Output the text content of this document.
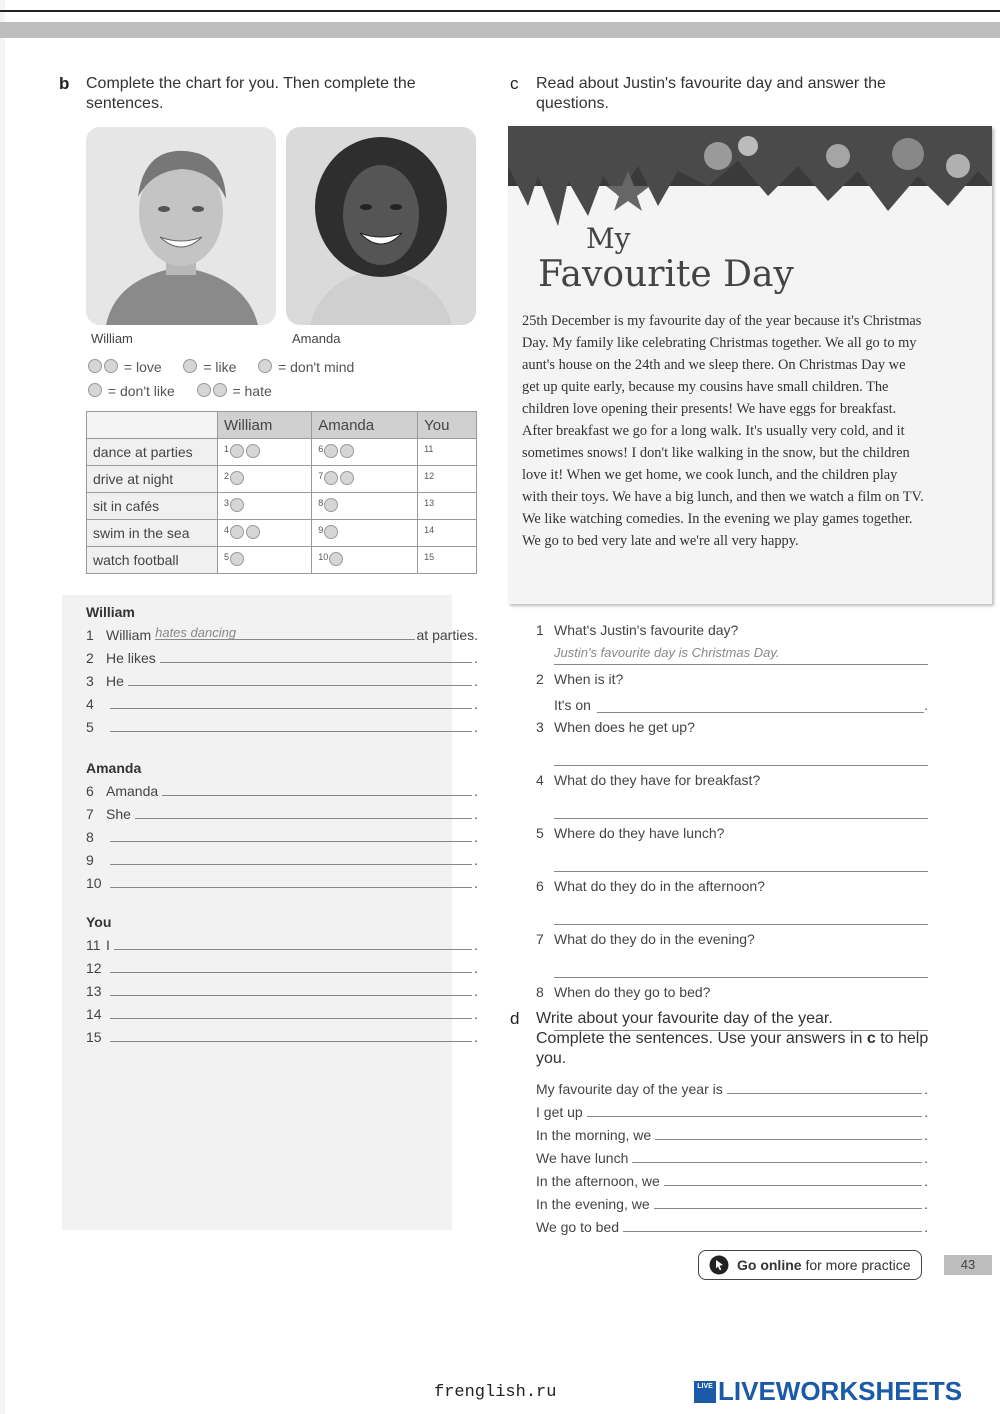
b Complete the chart for you. Then complete the sentences.
William	Amanda
= love	= like	= don't mind
= don't like	= hate
	William	Amanda	You
dance at parties	$^1$	$^6$	$^{11}$
drive at night	$^2$	$^7$	$^{12}$
sit in cafés	$^3$	$^8$	$^{13}$
swim in the sea	$^4$	$^9$	$^{14}$
watch football	$^5$	$^{10}$	$^{15}$
William
1 William hates dancing	at parties.
2 He likes	.
3 He	.
4	.
5	.
Amanda
6 Amanda	.
7 She	.
8	.
9	.
10	.
You
11 I	.
12	.
13	.
14	.
15	.
c Read about Justin's favourite day and answer the questions.
My
Favourite Day
25th December is my favourite day of the year because it's Christmas Day. My family like celebrating Christmas together. We all go to my aunt's house on the 24th and we sleep there. On Christmas Day we get up quite early, because my cousins have small children. The children love opening their presents! We have eggs for breakfast. After breakfast we go for a long walk. It's usually very cold, and it sometimes snows! I don't like walking in the snow, but the children love it! When we get home, we cook lunch, and the children play with their toys. We have a big lunch, and then we watch a film on TV. We like watching comedies. In the evening we play games together. We go to bed very late and we're all very happy.
1 What's Justin's favourite day?
Justin's favourite day is Christmas Day.
2 When is it?
It's on	.
3 When does he get up?
4 What do they have for breakfast?
5 Where do they have lunch?
6 What do they do in the afternoon?
7 What do they do in the evening?
8 When do they go to bed?
d Write about your favourite day of the year.
Complete the sentences. Use your answers in c to help you.
My favourite day of the year is	.
I get up	.
In the morning, we	.
We have lunch	.
In the afternoon, we	.
In the evening, we	.
We go to bed	.
Go online
for more practice	43
frenglish.ru	LIVE LIVEWORKSHEETS
